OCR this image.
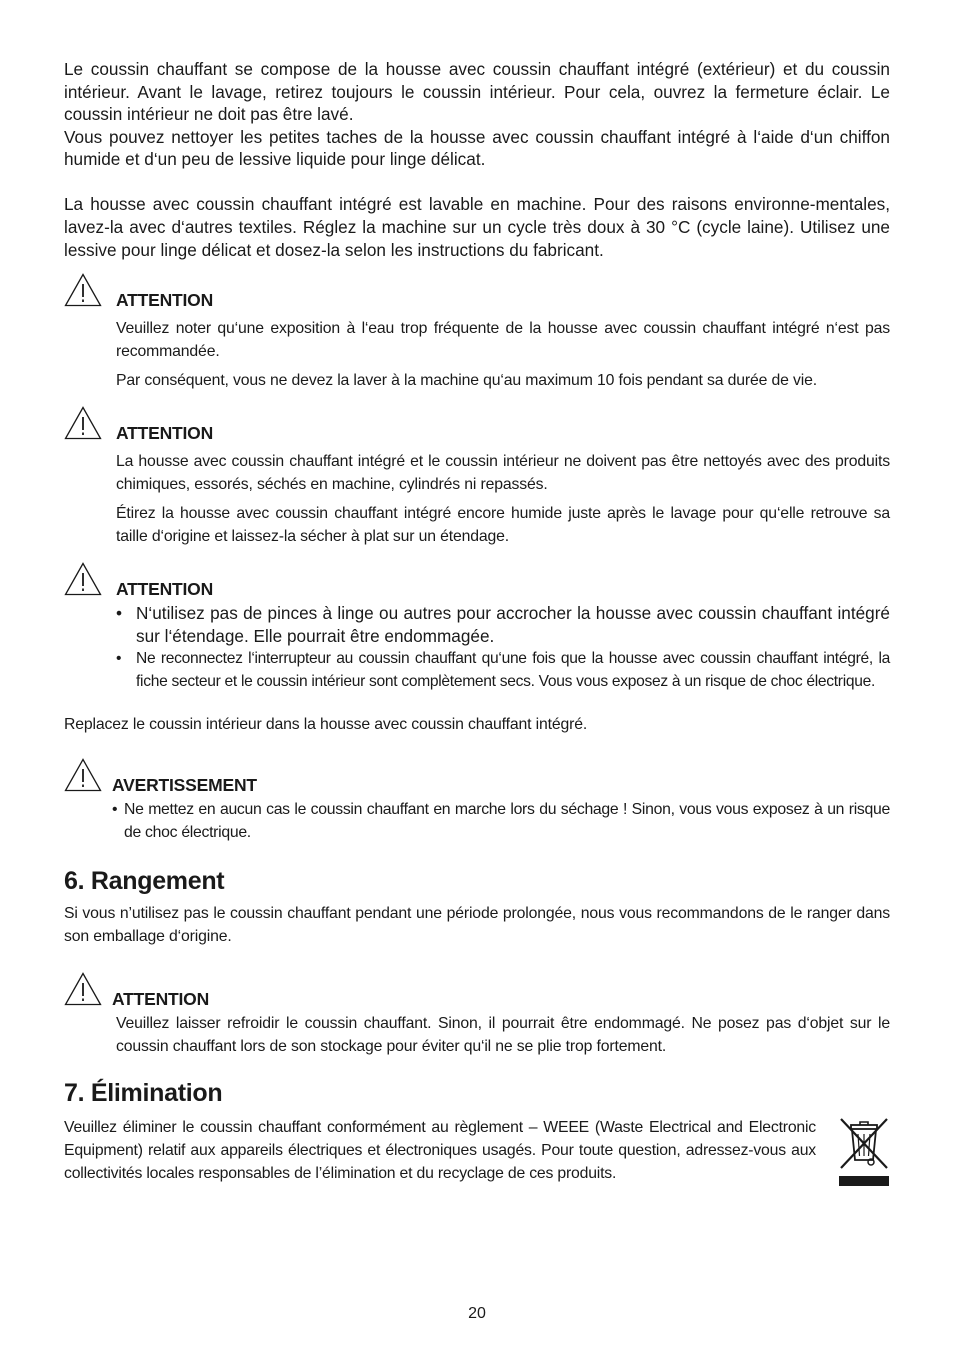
Le coussin chauffant se compose de la housse avec coussin chauffant intégré (extérieur) et du coussin intérieur. Avant le lavage, retirez toujours le coussin intérieur. Pour cela, ouvrez la fermeture éclair. Le coussin intérieur ne doit pas être lavé.

Vous pouvez nettoyer les petites taches de la housse avec coussin chauffant intégré à l‘aide d‘un chiffon humide et d‘un peu de lessive liquide pour linge délicat.

La housse avec coussin chauffant intégré est lavable en machine. Pour des raisons environne-mentales, lavez-la avec d‘autres textiles. Réglez la machine sur un cycle très doux à 30 °C (cycle laine). Utilisez une lessive pour linge délicat et dosez-la selon les instructions du fabricant.

ATTENTION

Veuillez noter qu‘une exposition à l‘eau trop fréquente de la housse avec coussin chauffant intégré n‘est pas recommandée.

Par conséquent, vous ne devez la laver à la machine qu‘au maximum 10 fois pendant sa durée de vie.

ATTENTION

La housse avec coussin chauffant intégré et le coussin intérieur ne doivent pas être nettoyés avec des produits chimiques, essorés, séchés en machine, cylindrés ni repassés.

Étirez la housse avec coussin chauffant intégré encore humide juste après le lavage pour qu‘elle retrouve sa taille d‘origine et laissez-la sécher à plat sur un étendage.

ATTENTION
• N‘utilisez pas de pinces à linge ou autres pour accrocher la housse avec coussin chauffant intégré sur l‘étendage. Elle pourrait être endommagée.
• Ne reconnectez l‘interrupteur au coussin chauffant qu‘une fois que la housse avec coussin chauffant intégré, la fiche secteur et le coussin intérieur sont complètement secs. Vous vous exposez à un risque de choc électrique.

Replacez le coussin intérieur dans la housse avec coussin chauffant intégré.

AVERTISSEMENT
• Ne mettez en aucun cas le coussin chauffant en marche lors du séchage ! Sinon, vous vous exposez à un risque de choc électrique.
6. Rangement

Si vous n’utilisez pas le coussin chauffant pendant une période prolongée, nous vous recommandons de le ranger dans son emballage d‘origine.

ATTENTION

Veuillez laisser refroidir le coussin chauffant. Sinon, il pourrait être endommagé. Ne posez pas d‘objet sur le coussin chauffant lors de son stockage pour éviter qu‘il ne se plie trop fortement.

7. Élimination

Veuillez éliminer le coussin chauffant conformément au règlement – WEEE (Waste Electrical and Electronic Equipment) relatif aux appareils électriques et électroniques usagés. Pour toute question, adressez-vous aux collectivités locales responsables de l’élimination et du recyclage de ces produits.

20
